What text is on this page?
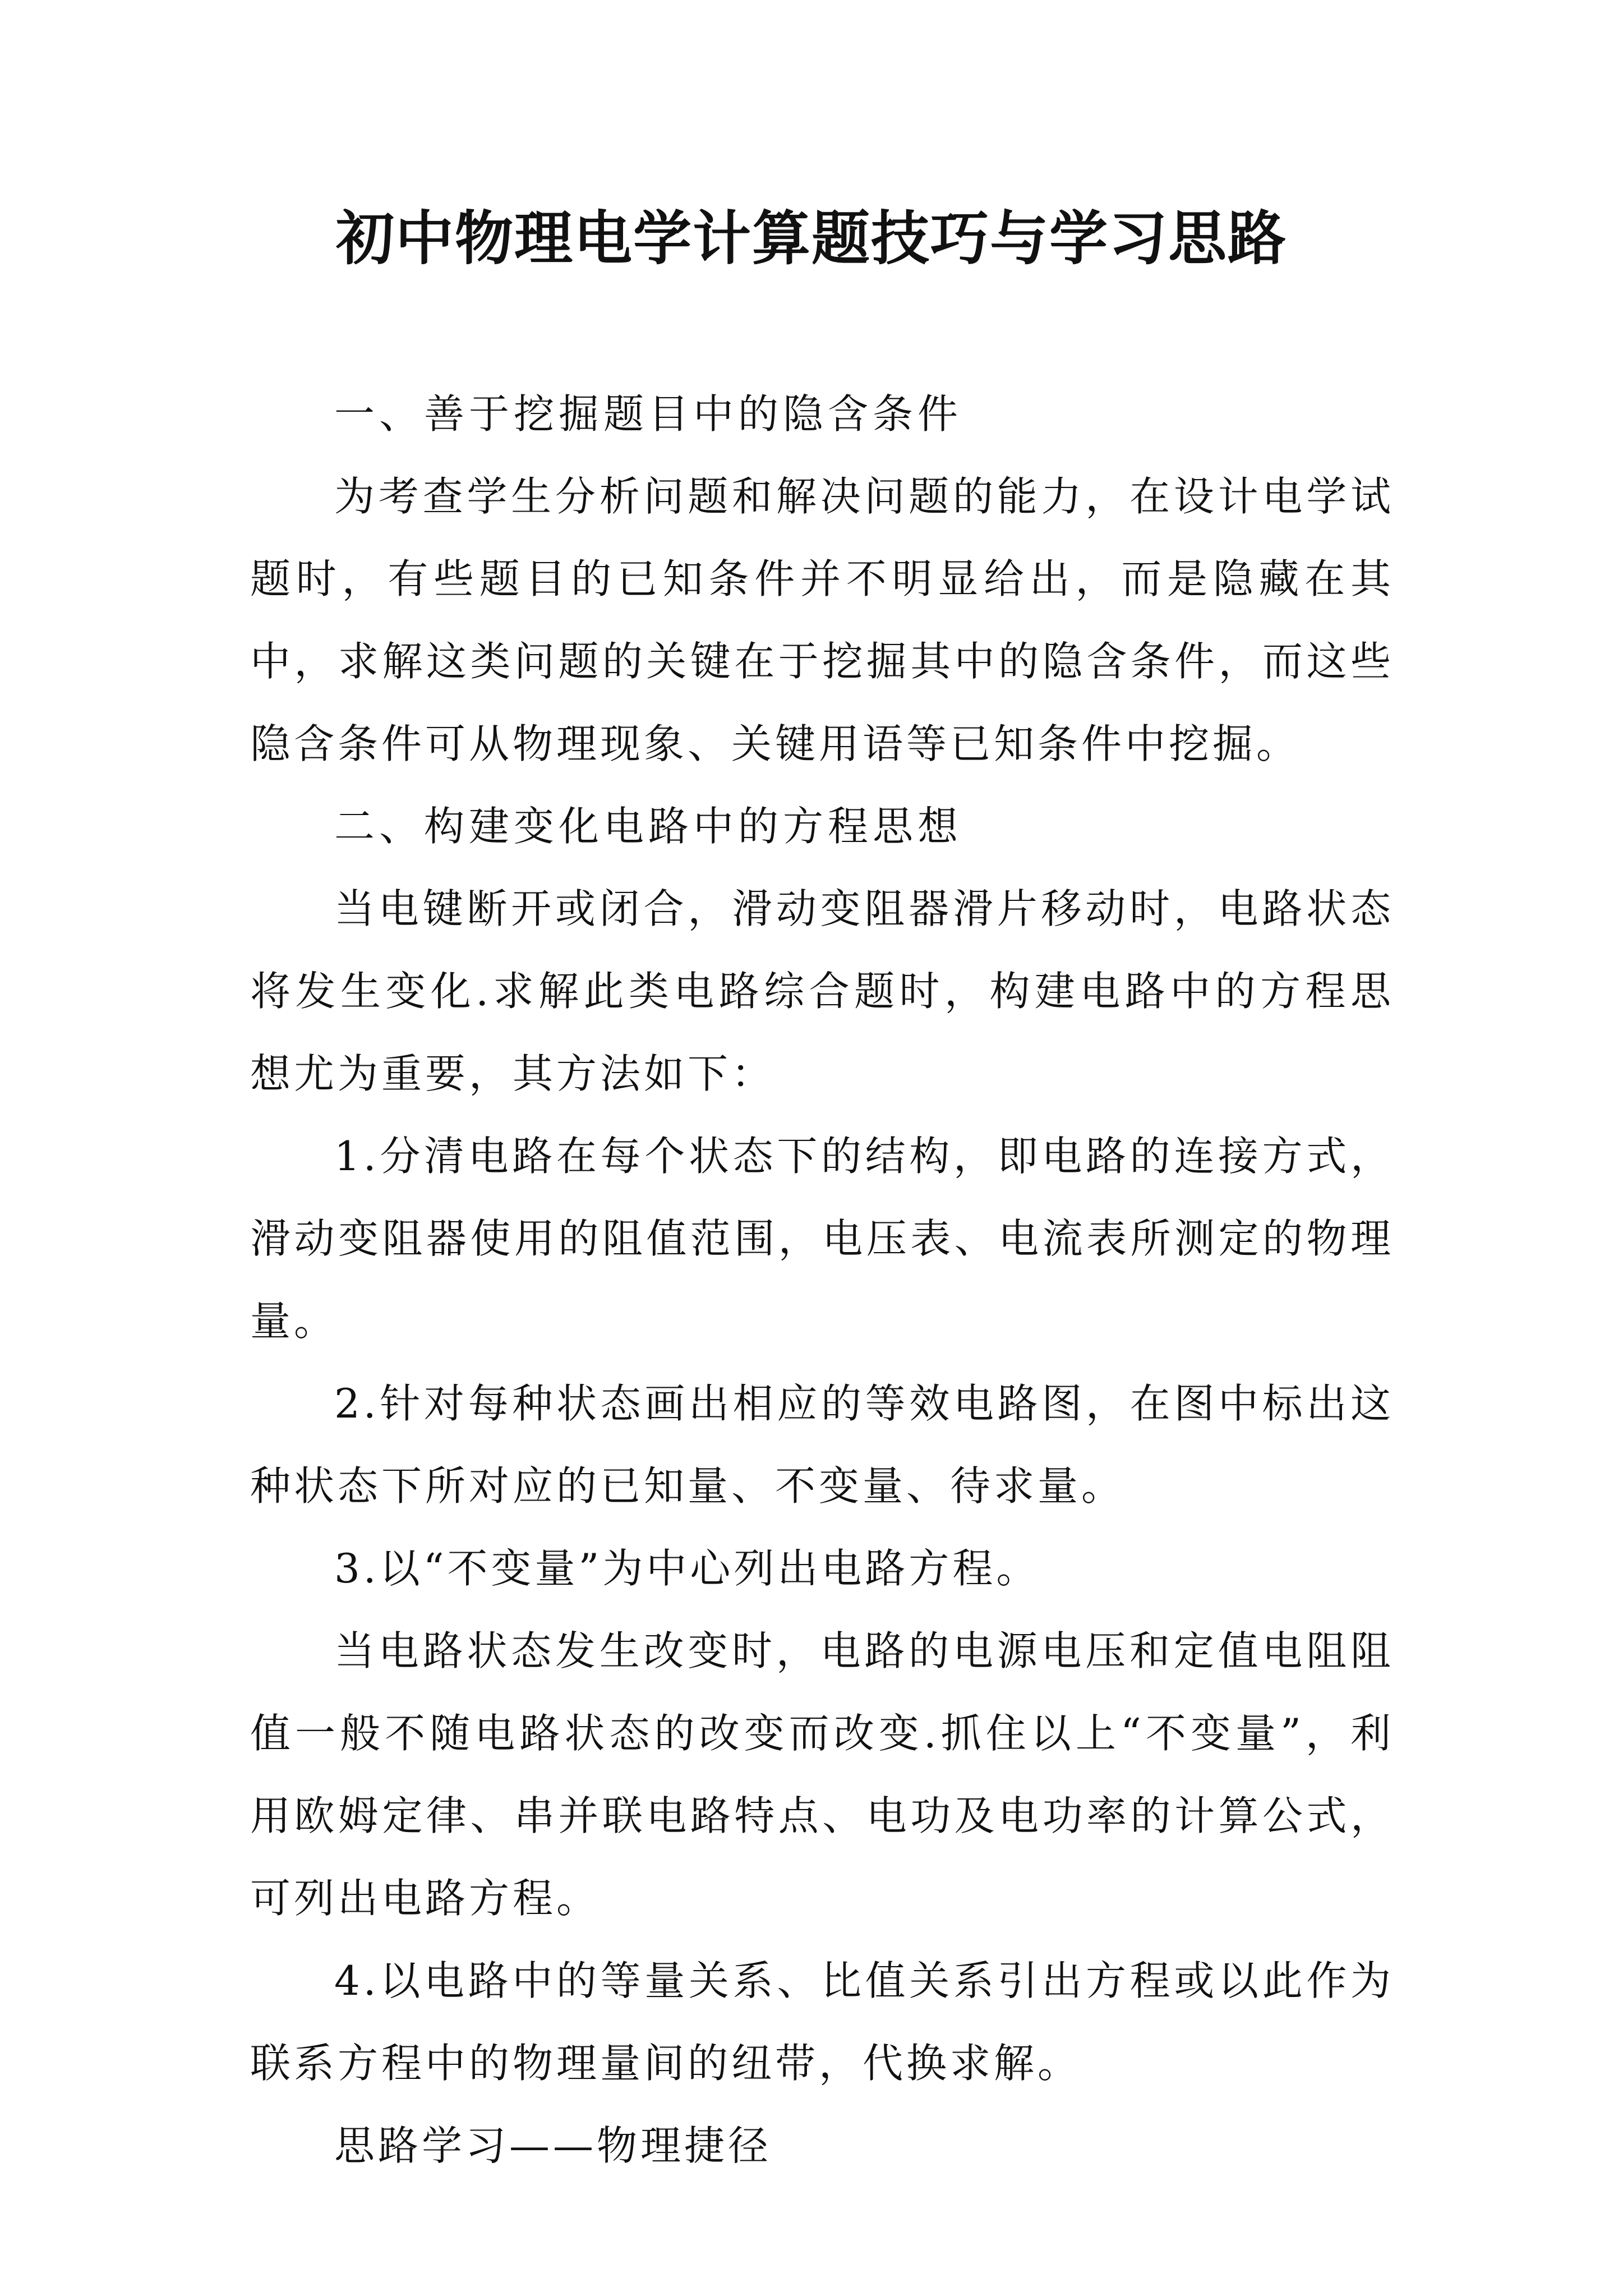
初中物理电学计算题技巧与学习思路

一、善于挖掘题目中的隐含条件

为考查学生分析问题和解决问题的能力，在设计电学试题时，有些题目的已知条件并不明显给出，而是隐藏在其中，求解这类问题的关键在于挖掘其中的隐含条件，而这些隐含条件可从物理现象、关键用语等已知条件中挖掘。

二、构建变化电路中的方程思想

当电键断开或闭合，滑动变阻器滑片移动时，电路状态将发生变化.求解此类电路综合题时，构建电路中的方程思想尤为重要，其方法如下：

1.分清电路在每个状态下的结构，即电路的连接方式，滑动变阻器使用的阻值范围，电压表、电流表所测定的物理量。

2.针对每种状态画出相应的等效电路图，在图中标出这种状态下所对应的已知量、不变量、待求量。

3.以“不变量”为中心列出电路方程。

当电路状态发生改变时，电路的电源电压和定值电阻阻值一般不随电路状态的改变而改变.抓住以上“不变量”，利用欧姆定律、串并联电路特点、电功及电功率的计算公式，可列出电路方程。

4.以电路中的等量关系、比值关系引出方程或以此作为联系方程中的物理量间的纽带，代换求解。

思路学习——物理捷径
